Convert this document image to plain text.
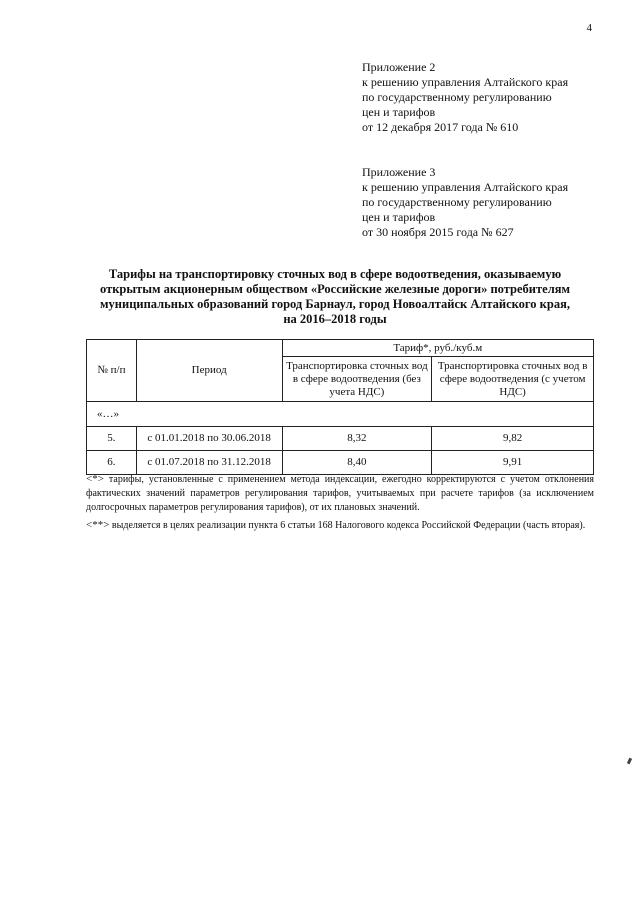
4
Приложение 2
к решению управления Алтайского края
по государственному регулированию
цен и тарифов
от 12 декабря 2017 года № 610
Приложение 3
к решению управления Алтайского края
по государственному регулированию
цен и тарифов
от 30 ноября 2015 года № 627
Тарифы на транспортировку сточных вод в сфере водоотведения, оказываемую
открытым акционерным обществом «Российские железные дороги» потребителям
муниципальных образований город Барнаул, город Новоалтайск Алтайского края,
на 2016–2018 годы
№ п/п	Период	Тариф*, руб./куб.м	
		Транспортировка сточных вод в сфере водоотведения (без учета НДС)	Транспортировка сточных вод в сфере водоотведения (с учетом НДС)
«…»			
5.	с 01.01.2018 по 30.06.2018	8,32	9,82
6.	с 01.07.2018 по 31.12.2018	8,40	9,91

<*> тарифы, установленные с применением метода индексации, ежегодно корректируются с учетом отклонения фактических значений параметров регулирования тарифов, учитываемых при расчете тарифов (за исключением долгосрочных параметров регулирования тарифов), от их плановых значений.

<**> выделяется в целях реализации пункта 6 статьи 168 Налогового кодекса Российской Федерации (часть вторая).
